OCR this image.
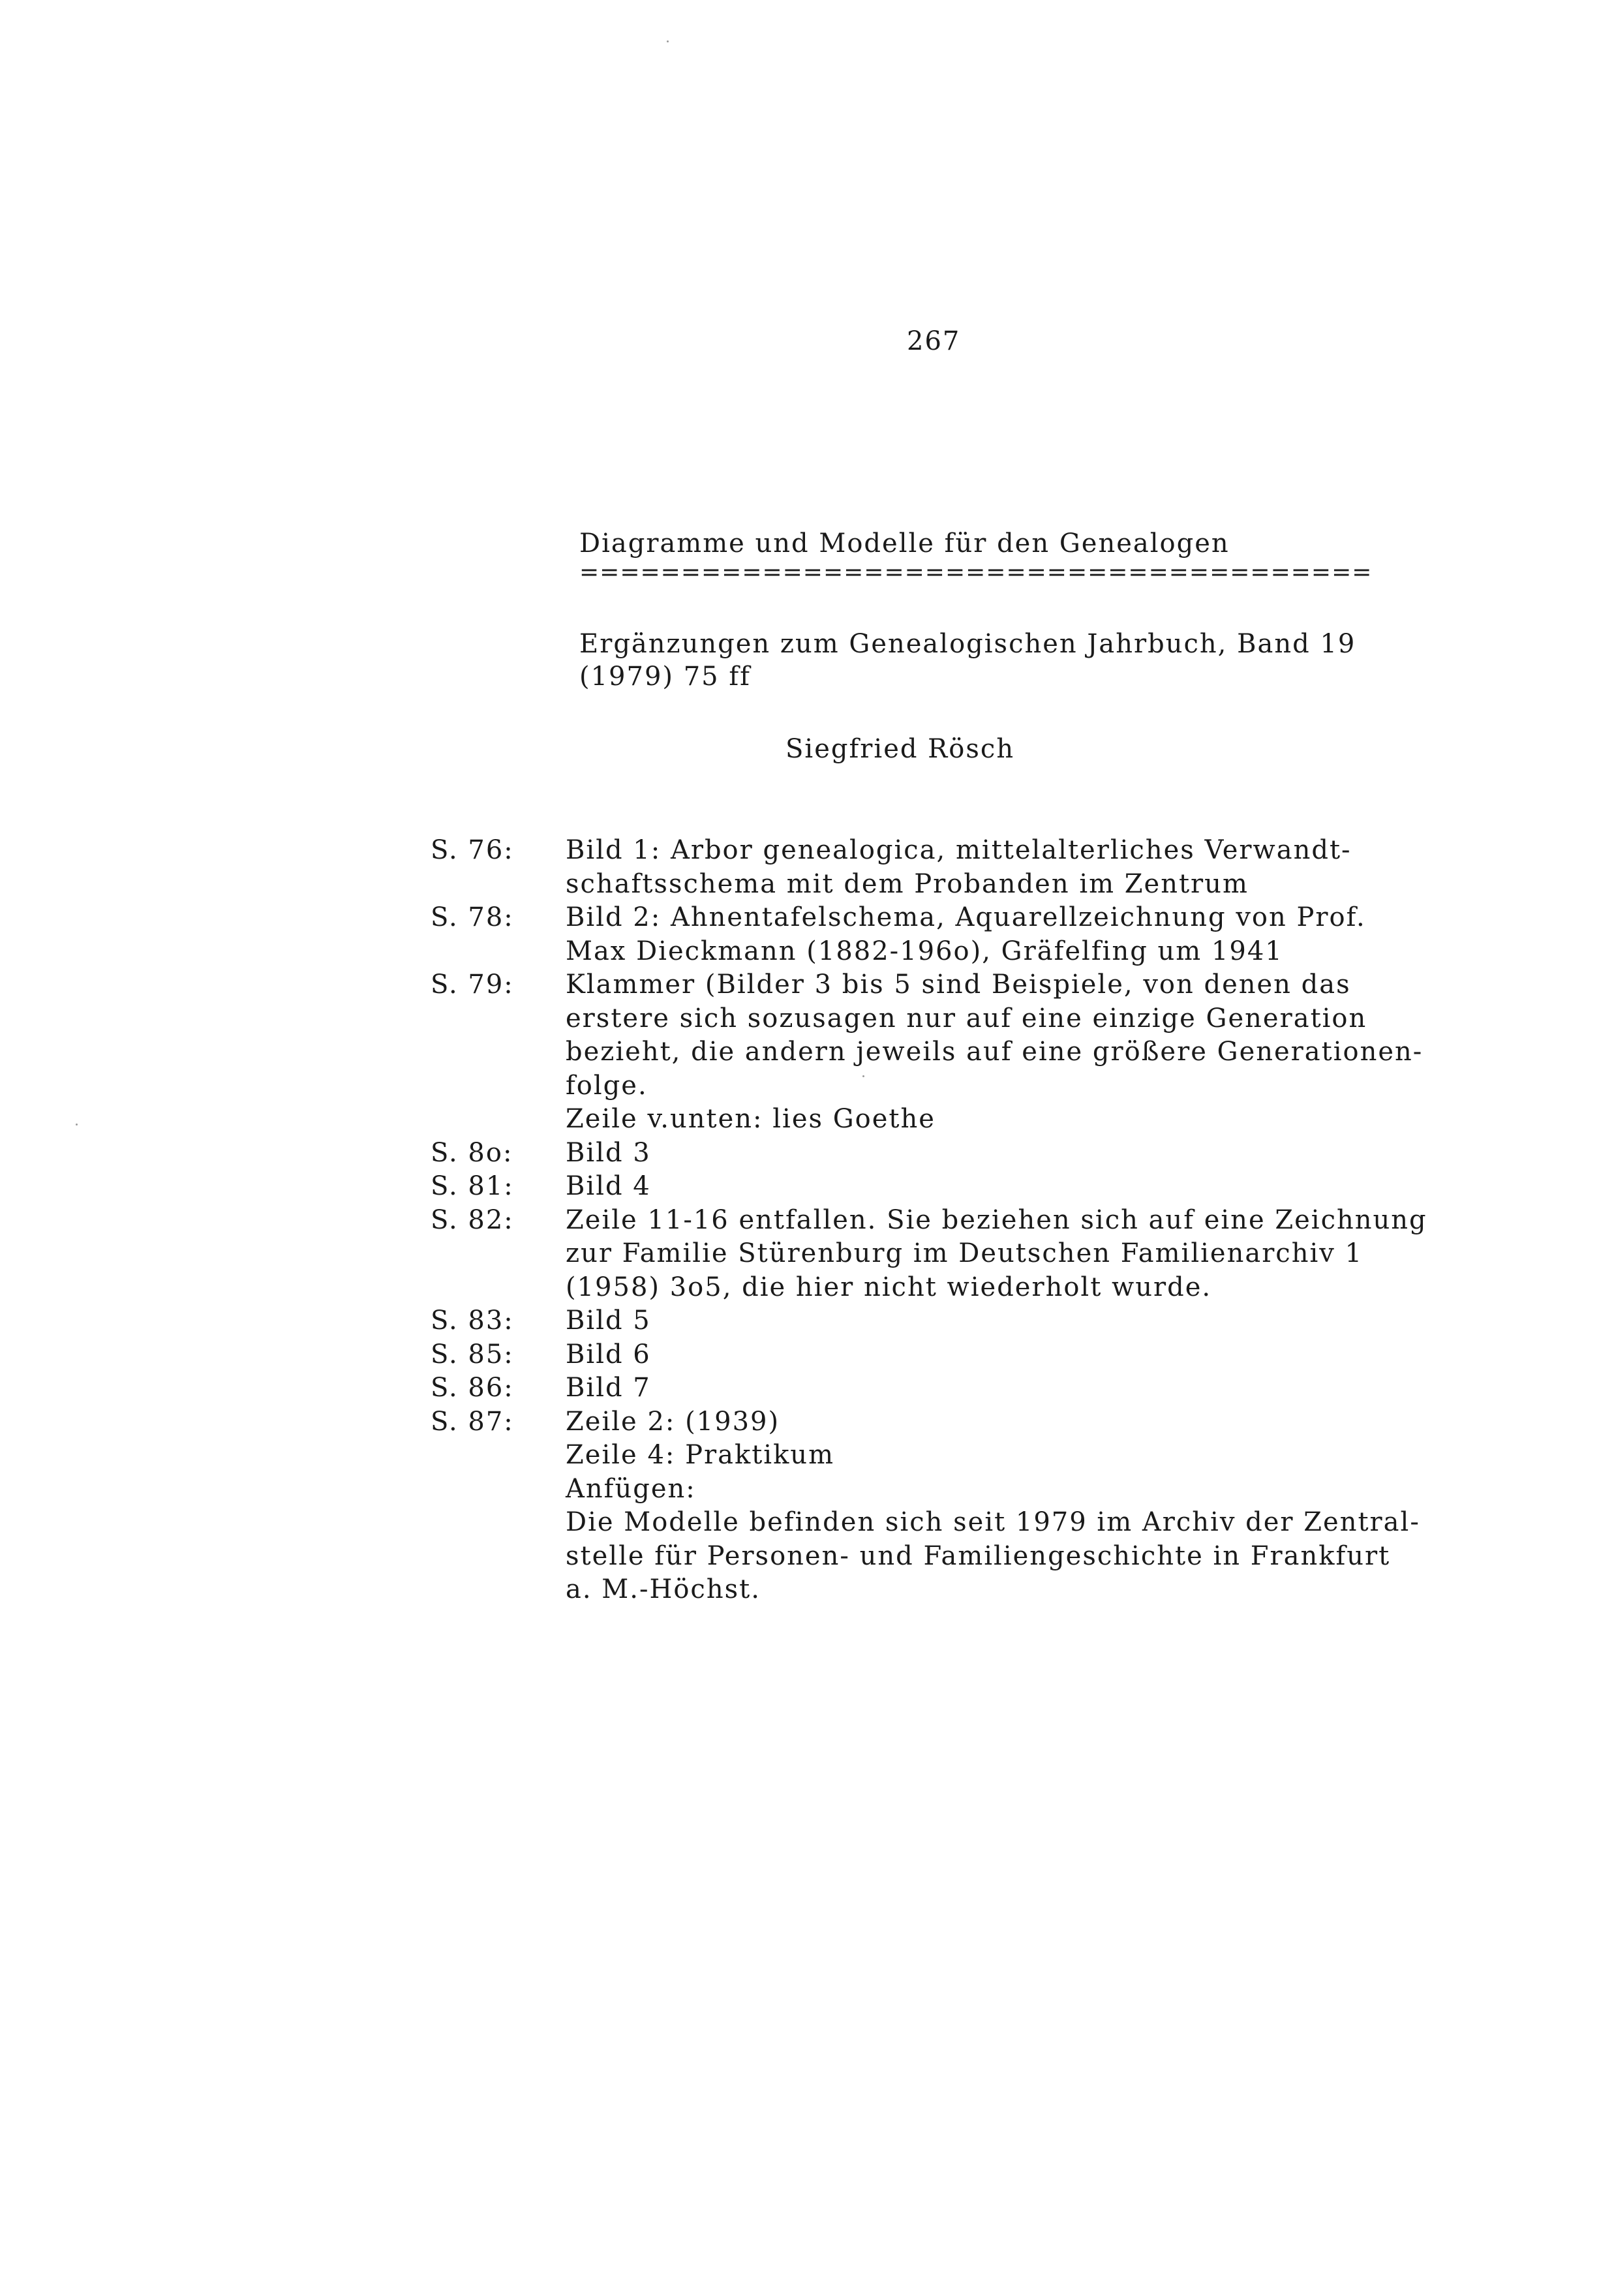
267
Diagramme und Modelle für den Genealogen
=======================================
Ergänzungen zum Genealogischen Jahrbuch, Band 19
(1979) 75 ff
Siegfried Rösch
S. 76:	Bild 1: Arbor genealogica, mittelalterliches Verwandt-
schaftsschema mit dem Probanden im Zentrum
S. 78:	Bild 2: Ahnentafelschema, Aquarellzeichnung von Prof.
Max Dieckmann (1882-196o), Gräfelfing um 1941
S. 79:	Klammer (Bilder 3 bis 5 sind Beispiele, von denen das
erstere sich sozusagen nur auf eine einzige Generation
bezieht, die andern jeweils auf eine größere Generationen-
folge.
Zeile v.unten: lies Goethe
S. 8o:	Bild 3
S. 81:	Bild 4
S. 82:	Zeile 11-16 entfallen. Sie beziehen sich auf eine Zeichnung
zur Familie Stürenburg im Deutschen Familienarchiv 1
(1958) 3o5, die hier nicht wiederholt wurde.
S. 83:	Bild 5
S. 85:	Bild 6
S. 86:	Bild 7
S. 87:	Zeile 2: (1939)
Zeile 4: Praktikum
Anfügen:
Die Modelle befinden sich seit 1979 im Archiv der Zentral-
stelle für Personen- und Familiengeschichte in Frankfurt
a. M.-Höchst.
